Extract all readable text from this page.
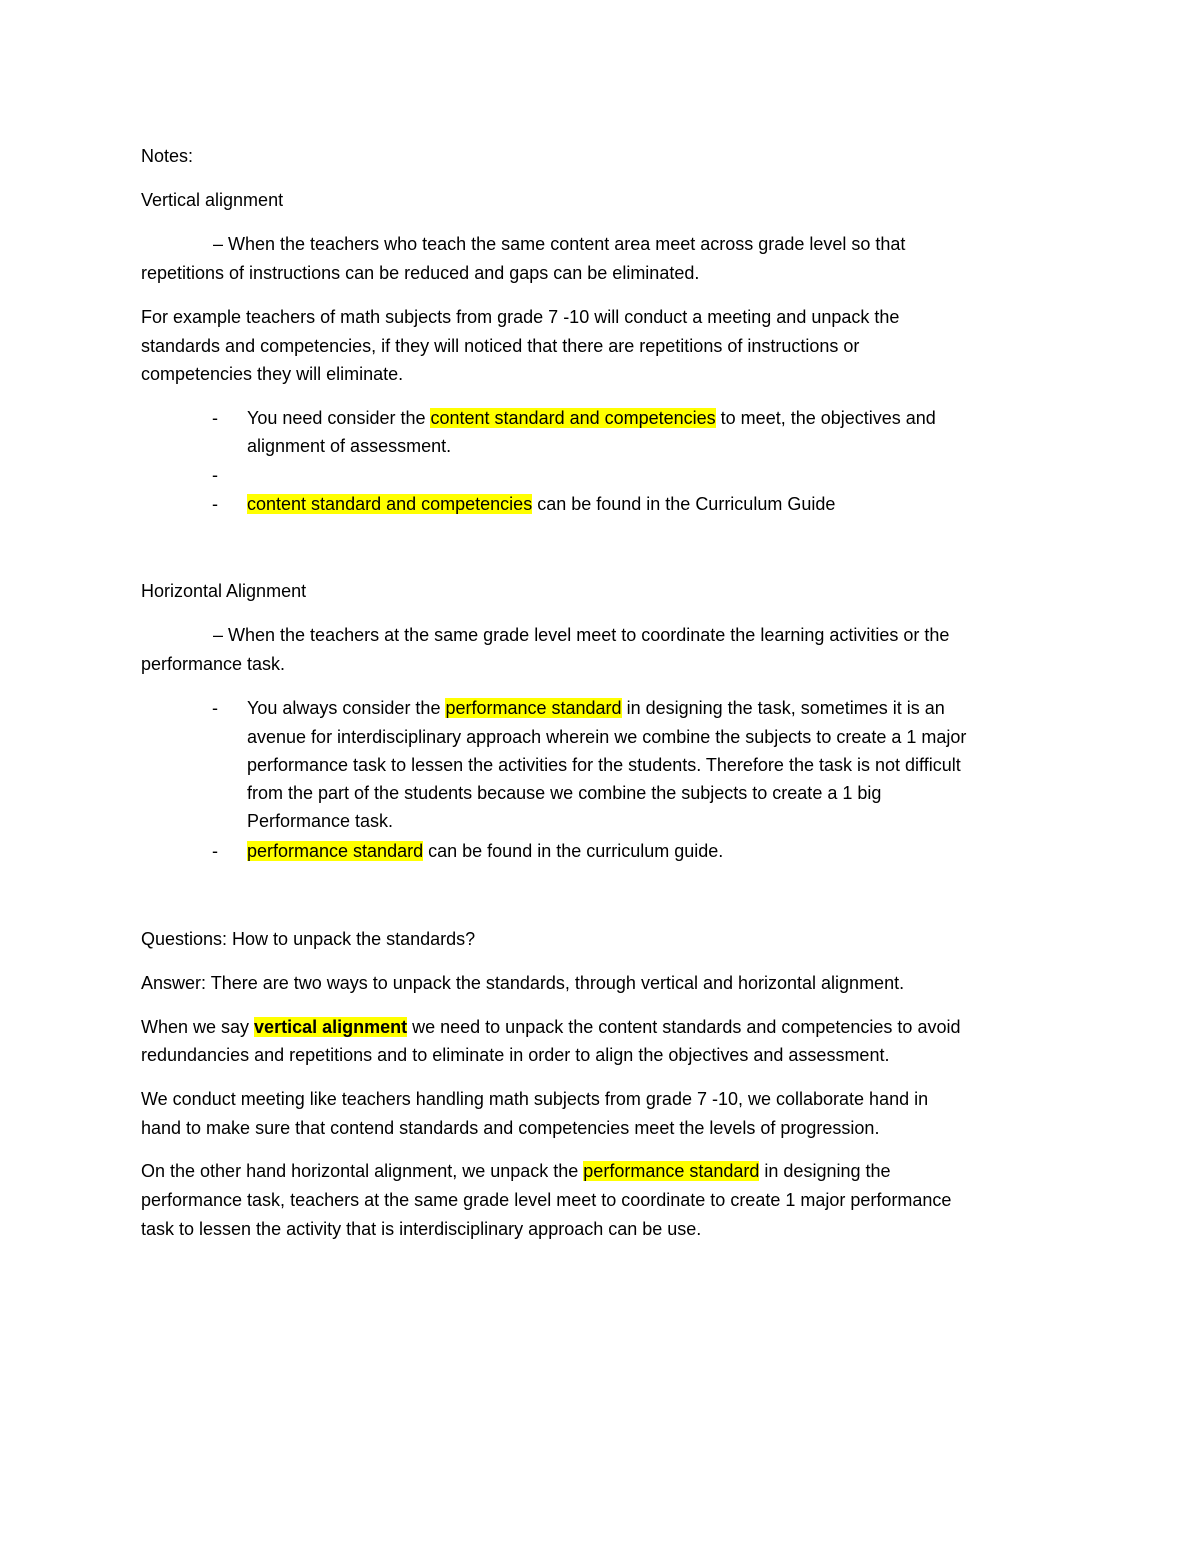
Notes:
Vertical alignment
– When the teachers who teach the same content area meet across grade level so that
repetitions of instructions can be reduced and gaps can be eliminated.
For example teachers of math subjects from grade 7 -10 will conduct a meeting and unpack the
standards and competencies, if they will noticed that there are repetitions of instructions or
competencies they will eliminate.
- You need consider the content standard and competencies to meet, the objectives and
alignment of assessment.
-
- content standard and competencies can be found in the Curriculum Guide
Horizontal Alignment
– When the teachers at the same grade level meet to coordinate the learning activities or the
performance task.
- You always consider the performance standard in designing the task, sometimes it is an
avenue for interdisciplinary approach wherein we combine the subjects to create a 1 major
performance task to lessen the activities for the students. Therefore the task is not difficult
from the part of the students because we combine the subjects to create a 1 big
Performance task.
- performance standard can be found in the curriculum guide.
Questions: How to unpack the standards?
Answer: There are two ways to unpack the standards, through vertical and horizontal alignment.
When we say vertical alignment we need to unpack the content standards and competencies to avoid
redundancies and repetitions and to eliminate in order to align the objectives and assessment.
We conduct meeting like teachers handling math subjects from grade 7 -10, we collaborate hand in
hand to make sure that contend standards and competencies meet the levels of progression.
On the other hand horizontal alignment, we unpack the performance standard in designing the
performance task, teachers at the same grade level meet to coordinate to create 1 major performance
task to lessen the activity that is interdisciplinary approach can be use.
